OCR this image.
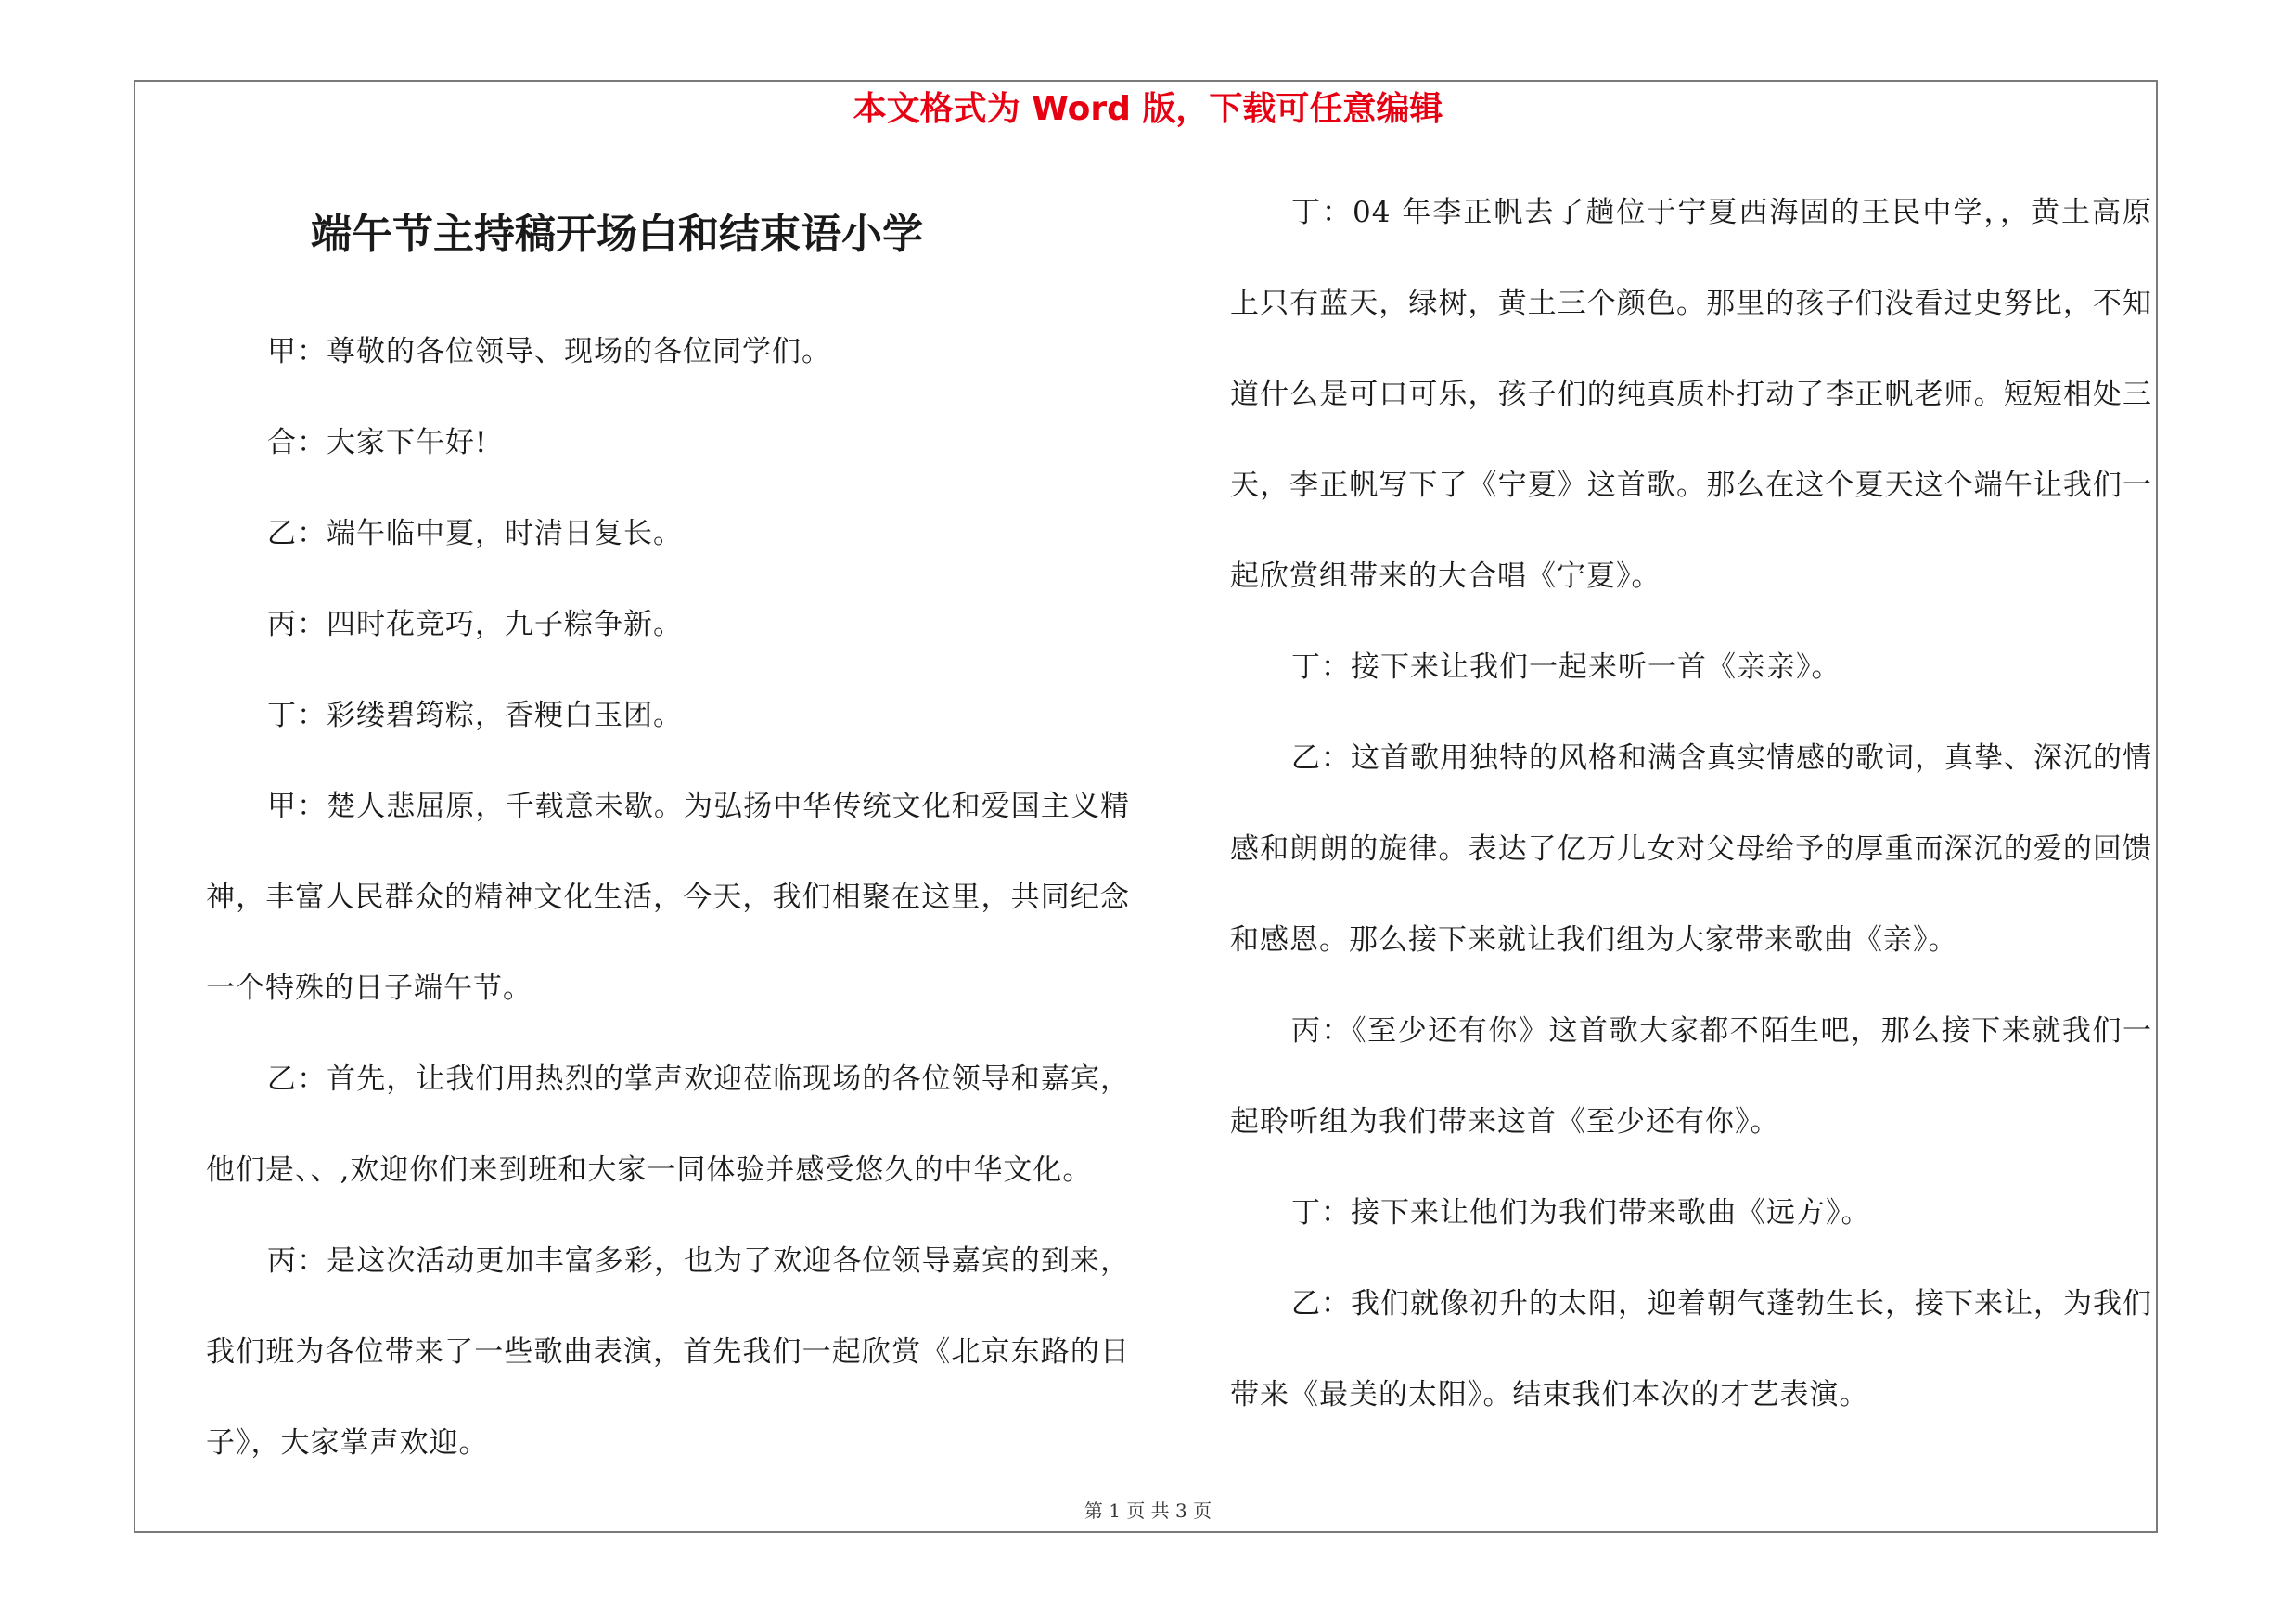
本文格式为 Word 版，下载可任意编辑
端午节主持稿开场白和结束语小学

甲：尊敬的各位领导、现场的各位同学们。

合：大家下午好!

乙：端午临中夏，时清日复长。

丙：四时花竞巧，九子粽争新。

丁：彩缕碧筠粽，香粳白玉团。

甲：楚人悲屈原，千载意未歇。为弘扬中华传统文化和爱国主义精神，丰富人民群众的精神文化生活，今天，我们相聚在这里，共同纪念一个特殊的日子端午节。

乙：首先，让我们用热烈的掌声欢迎莅临现场的各位领导和嘉宾，他们是、、,欢迎你们来到班和大家一同体验并感受悠久的中华文化。

丙：是这次活动更加丰富多彩，也为了欢迎各位领导嘉宾的到来，我们班为各位带来了一些歌曲表演，首先我们一起欣赏《北京东路的日子》，大家掌声欢迎。

丁：04 年李正帆去了趟位于宁夏西海固的王民中学，，黄土高原上只有蓝天，绿树，黄土三个颜色。那里的孩子们没看过史努比，不知道什么是可口可乐，孩子们的纯真质朴打动了李正帆老师。短短相处三天，李正帆写下了《宁夏》这首歌。那么在这个夏天这个端午让我们一起欣赏组带来的大合唱《宁夏》。

丁：接下来让我们一起来听一首《亲亲》。

乙：这首歌用独特的风格和满含真实情感的歌词，真挚、深沉的情感和朗朗的旋律。表达了亿万儿女对父母给予的厚重而深沉的爱的回馈和感恩。那么接下来就让我们组为大家带来歌曲《亲》。

丙：《至少还有你》这首歌大家都不陌生吧，那么接下来就我们一起聆听组为我们带来这首《至少还有你》。

丁：接下来让他们为我们带来歌曲《远方》。

乙：我们就像初升的太阳，迎着朝气蓬勃生长，接下来让，为我们带来《最美的太阳》。结束我们本次的才艺表演。

第 1 页 共 3 页
